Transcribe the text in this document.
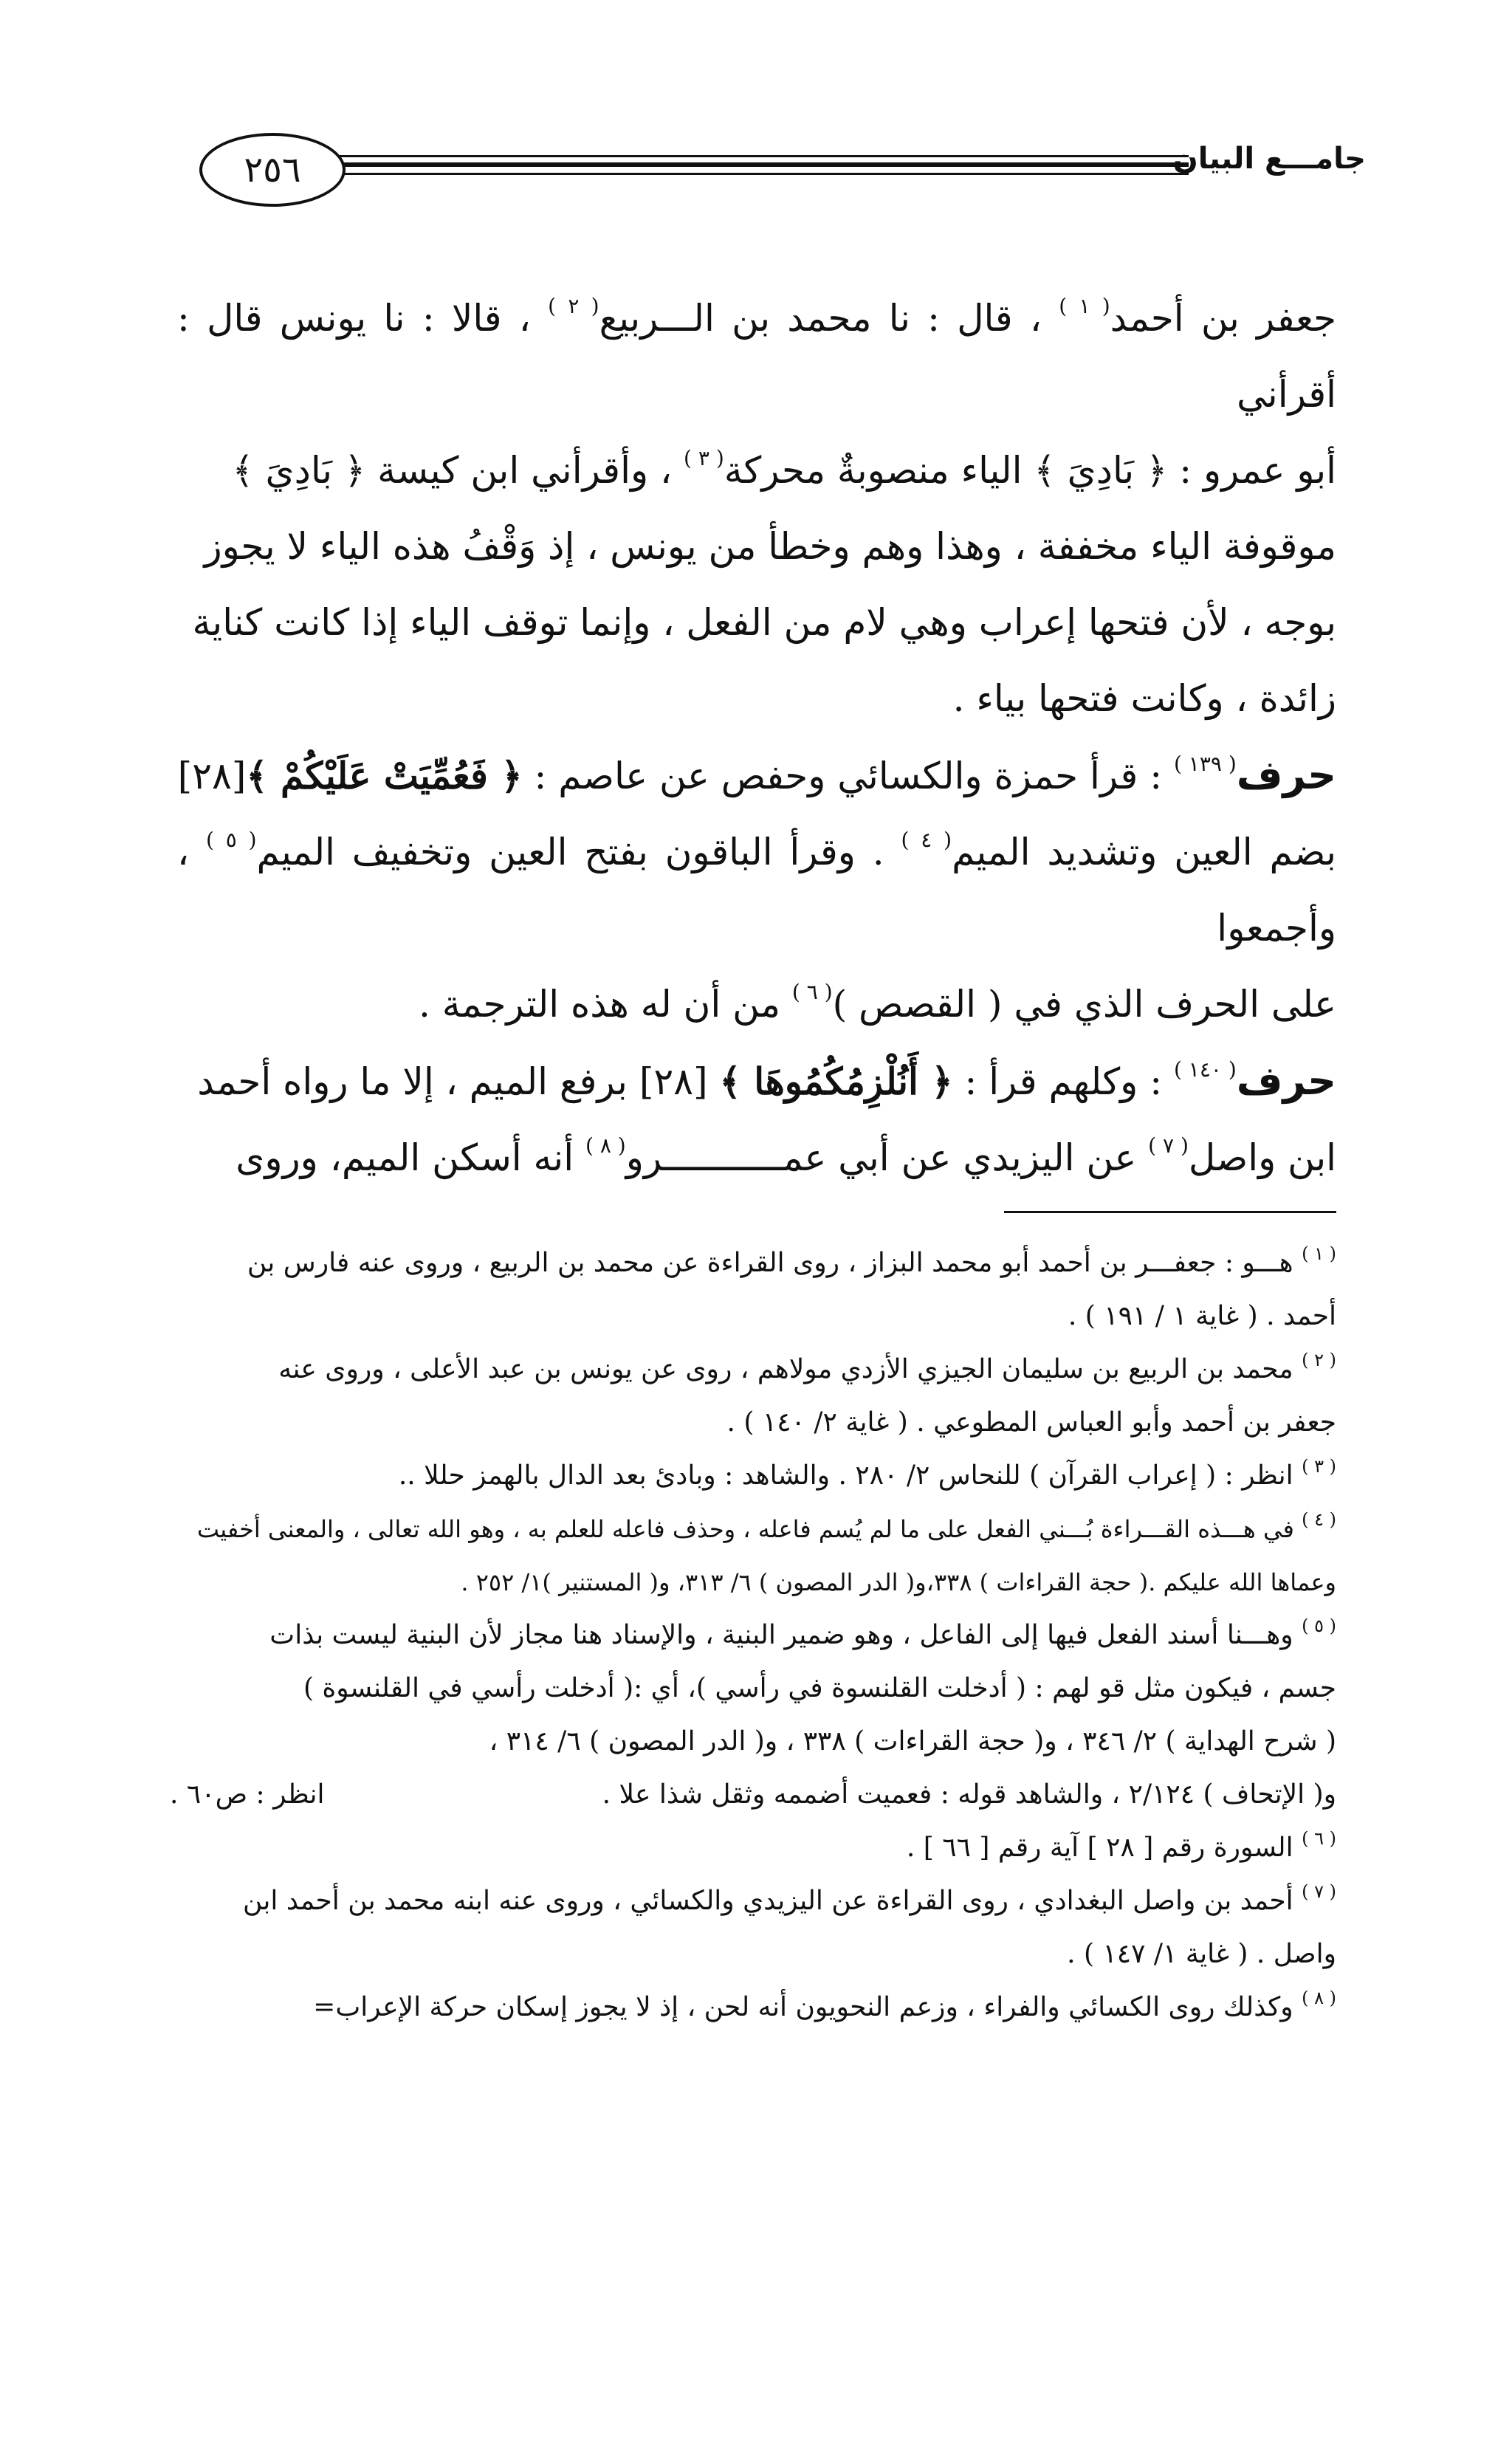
٢٥٦	جامـــع البيان

جعفر بن أحمد$^{( ١ )}$ ، قال : نا محمد بن الـــربيع$^{( ٢ )}$ ، قالا : نا يونس قال : أقرأني

أبو عمرو : ﴿ بَادِيَ ﴾ الياء منصوبةٌ محركة$^{( ٣ )}$ ، وأقرأني ابن كيسة ﴿ بَادِيَ ﴾

موقوفة الياء مخففة ، وهذا وهم وخطأ من يونس ، إذ وَقْفُ هذه الياء لا يجوز

بوجه ، لأن فتحها إعراب وهي لام من الفعل ، وإنما توقف الياء إذا كانت كناية

زائدة ، وكانت فتحها بياء .

حرف$^{( ١٣٩ )}$ : قرأ حمزة والكسائي وحفص عن عاصم : ﴿ فَعُمِّيَتْ عَلَيْكُمْ ﴾[٢٨]

بضم العين وتشديد الميم$^{( ٤ )}$ . وقرأ الباقون بفتح العين وتخفيف الميم$^{( ٥ )}$ ، وأجمعوا

على الحرف الذي في ( القصص )$^{( ٦ )}$ من أن له هذه الترجمة .

حرف$^{( ١٤٠ )}$ : وكلهم قرأ : ﴿ أَنُلْزِمُكُمُوهَا ﴾ [٢٨] برفع الميم ، إلا ما رواه أحمد

ابن واصل$^{( ٧ )}$ عن اليزيدي عن أبي عمـــــــــــرو$^{( ٨ )}$ أنه أسكن الميم، وروى

$^{( ١ )}$ هـــو : جعفـــر بن أحمد أبو محمد البزاز ، روى القراءة عن محمد بن الربيع ، وروى عنه فارس بن

أحمد . ( غاية ١ / ١٩١ ) .

$^{( ٢ )}$ محمد بن الربيع بن سليمان الجيزي الأزدي مولاهم ، روى عن يونس بن عبد الأعلى ، وروى عنه

جعفر بن أحمد وأبو العباس المطوعي . ( غاية ٢/ ١٤٠ ) .

$^{( ٣ )}$ انظر : ( إعراب القرآن ) للنحاس ٢/ ٢٨٠ . والشاهد : وبادئ بعد الدال بالهمز حللا ..

$^{( ٤ )}$ في هـــذه القـــراءة بُـــني الفعل على ما لم يُسم فاعله ، وحذف فاعله للعلم به ، وهو الله تعالى ، والمعنى أخفيت

وعماها الله عليكم .( حجة القراءات ) ٣٣٨،و( الدر المصون ) ٦/ ٣١٣، و( المستنير )١/ ٢٥٢ .

$^{( ٥ )}$ وهـــنا أسند الفعل فيها إلى الفاعل ، وهو ضمير البنية ، والإسناد هنا مجاز لأن البنية ليست بذات

جسم ، فيكون مثل قو لهم : ( أدخلت القلنسوة في رأسي )، أي :( أدخلت رأسي في القلنسوة )

( شرح الهداية ) ٢/ ٣٤٦ ، و( حجة القراءات ) ٣٣٨ ، و( الدر المصون ) ٦/ ٣١٤ ،

و( الإتحاف ) ٢/١٢٤ ، والشاهد قوله : فعميت أضممه وثقل شذا علا .
انظر : ص٦٠ .

$^{( ٦ )}$ السورة رقم [ ٢٨ ] آية رقم [ ٦٦ ] .

$^{( ٧ )}$ أحمد بن واصل البغدادي ، روى القراءة عن اليزيدي والكسائي ، وروى عنه ابنه محمد بن أحمد ابن

واصل . ( غاية ١/ ١٤٧ ) .

$^{( ٨ )}$ وكذلك روى الكسائي والفراء ، وزعم النحويون أنه لحن ، إذ لا يجوز إسكان حركة الإعراب=
